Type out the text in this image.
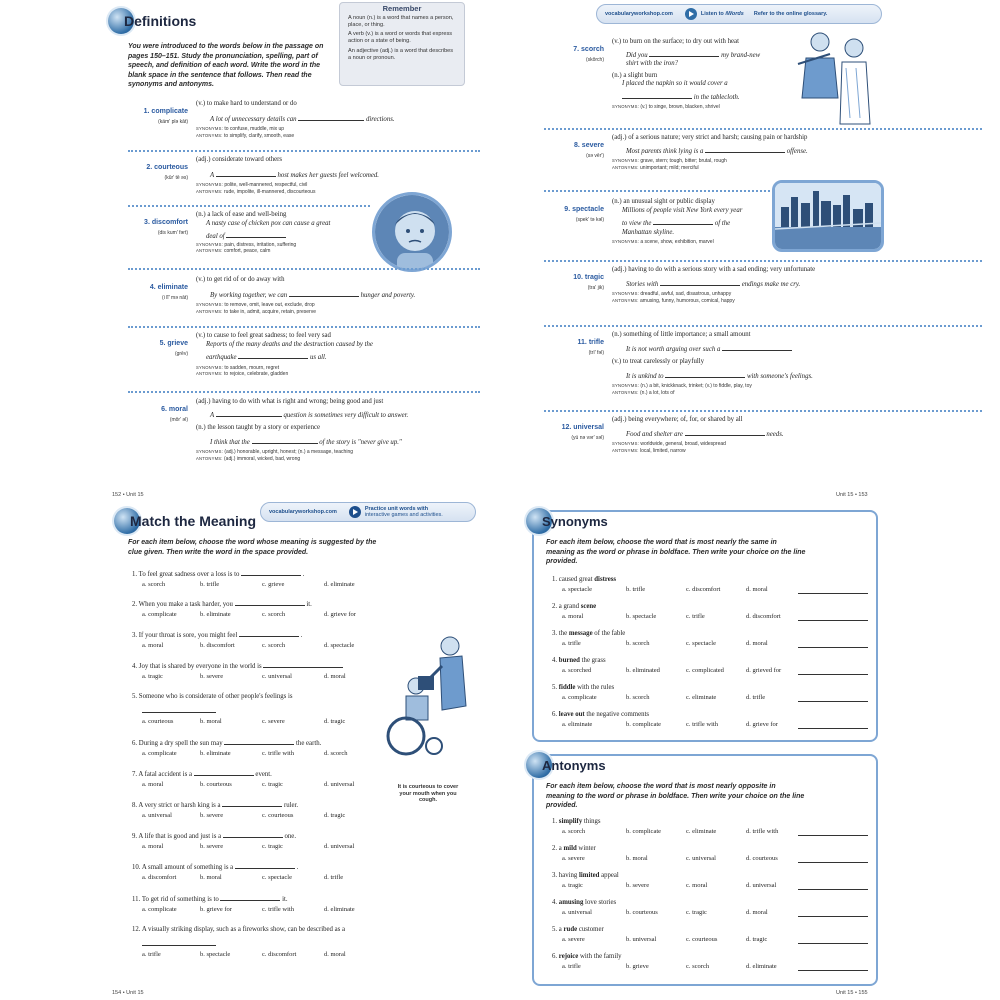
Definitions
You were introduced to the words below in the passage on pages 150–151. Study the pronunciation, spelling, part of speech, and definition of each word. Write the word in the blank space in the sentence that follows. Then read the synonyms and antonyms.
Remember

A noun (n.) is a word that names a person, place, or thing.

A verb (v.) is a word or words that express action or a state of being.

An adjective (adj.) is a word that describes a noun or pronoun.

1. complicate
(käm' plə kāt)
(v.) to make hard to understand or do
A lot of unnecessary details can	directions.
SYNONYMS: to confuse, muddle, mix up
ANTONYMS: to simplify, clarify, smooth, ease
2. courteous
(kûr' tē əs)
(adj.) considerate toward others
A	host makes her guests feel welcomed.
SYNONYMS: polite, well-mannered, respectful, civil
ANTONYMS: rude, impolite, ill-mannered, discourteous
3. discomfort
(dis kum' fərt)
(n.) a lack of ease and well-being
A nasty case of chicken pox can cause a great
deal of
SYNONYMS: pain, distress, irritation, suffering
ANTONYMS: comfort, peace, calm
4. eliminate
(i lĭ' mə nāt)
(v.) to get rid of or do away with
By working together, we can	hunger and poverty.
SYNONYMS: to remove, omit, leave out, exclude, drop
ANTONYMS: to take in, admit, acquire, retain, preserve
5. grieve
(grēv)
(v.) to cause to feel great sadness; to feel very sad
Reports of the many deaths and the destruction caused by the
earthquake	us all.
SYNONYMS: to sadden, mourn, regret
ANTONYMS: to rejoice, celebrate, gladden
6. moral
(môr' əl)
(adj.) having to do with what is right and wrong; being good and just
A	question is sometimes very difficult to answer.
(n.) the lesson taught by a story or experience
I think that the	of the story is "never give up."
SYNONYMS: (adj.) honorable, upright, honest; (n.) a message, teaching
ANTONYMS: (adj.) immoral, wicked, bad, wrong
152 • Unit 15
vocabularyworkshop.com	Listen to
iWords Refer to the online glossary.
7. scorch
(skôrch)
(v.) to burn on the surface; to dry out with heat
Did you	my brand-new
shirt with the iron?
(n.) a slight burn
I placed the napkin so it would cover a
in the tablecloth.
SYNONYMS: (v.) to singe, brown, blacken, shrivel
8. severe
(sə vēr')
(adj.) of a serious nature; very strict and harsh; causing pain or hardship
Most parents think lying is a	offense.
SYNONYMS: grave, stern; tough, bitter; brutal, rough
ANTONYMS: unimportant; mild; merciful
9. spectacle
(spek' tə kəl)
(n.) an unusual sight or public display
Millions of people visit New York every year
to view the	of the
Manhattan skyline.
SYNONYMS: a scene, show, exhibition, marvel
10. tragic
(tra' jik)
(adj.) having to do with a serious story with a sad ending; very unfortunate
Stories with	endings make me cry.
SYNONYMS: dreadful, awful, sad, disastrous, unhappy
ANTONYMS: amusing, funny, humorous, comical, happy
11. trifle
(trī' fəl)
(n.) something of little importance; a small amount
It is not worth arguing over such a
(v.) to treat carelessly or playfully
It is unkind to	with someone's feelings.
SYNONYMS: (n.) a bit, knickknack, trinket; (v.) to fiddle, play, toy
ANTONYMS: (n.) a lot, lots of
12. universal
(yü nə vər' səl)
(adj.) being everywhere; of, for, or shared by all
Food and shelter are	needs.
SYNONYMS: worldwide, general, broad, widespread
ANTONYMS: local, limited, narrow
Unit 15 • 153
Match the Meaning
vocabularyworkshop.com	Practice unit words with
interactive games and activities.
For each item below, choose the word whose meaning is suggested by the clue given. Then write the word in the space provided.
1. To feel great sadness over a loss is to	.
a. scorch	b. trifle	c. grieve	d. eliminate
2. When you make a task harder, you	it.
a. complicate	b. eliminate	c. scorch	d. grieve for
3. If your throat is sore, you might feel	.
a. moral	b. discomfort	c. scorch	d. spectacle
4. Joy that is shared by everyone in the world is
a. tragic	b. severe	c. universal	d. moral
5. Someone who is considerate of other people's feelings is
a. courteous	b. moral	c. severe	d. tragic
6. During a dry spell the sun may	the earth.
a. complicate	b. eliminate	c. trifle with	d. scorch
7. A fatal accident is a	event.
a. moral	b. courteous	c. tragic	d. universal
8. A very strict or harsh king is a	ruler.
a. universal	b. severe	c. courteous	d. tragic
9. A life that is good and just is a	one.
a. moral	b. severe	c. tragic	d. universal
10. A small amount of something is a	.
a. discomfort	b. moral	c. spectacle	d. trifle
11. To get rid of something is to	it.
a. complicate	b. grieve for	c. trifle with	d. eliminate
12. A visually striking display, such as a fireworks show, can be described as a
a. trifle	b. spectacle	c. discomfort	d. moral
It is courteous to cover your mouth when you cough.
154 • Unit 15
Synonyms
For each item below, choose the word that is most nearly the same in meaning as the word or phrase in boldface. Then write your choice on the line provided.
1. caused great distress
a. spectacle	b. trifle	c. discomfort	d. moral
2. a grand scene
a. moral	b. spectacle	c. trifle	d. discomfort
3. the message of the fable
a. trifle	b. scorch	c. spectacle	d. moral
4. burned the grass
a. scorched	b. eliminated	c. complicated	d. grieved for
5. fiddle with the rules
a. complicate	b. scorch	c. eliminate	d. trifle
6. leave out the negative comments
a. eliminate	b. complicate	c. trifle with	d. grieve for
Antonyms
For each item below, choose the word that is most nearly opposite in meaning to the word or phrase in boldface. Then write your choice on the line provided.
1. simplify things
a. scorch	b. complicate	c. eliminate	d. trifle with
2. a mild winter
a. severe	b. moral	c. universal	d. courteous
3. having limited appeal
a. tragic	b. severe	c. moral	d. universal
4. amusing love stories
a. universal	b. courteous	c. tragic	d. moral
5. a rude customer
a. severe	b. universal	c. courteous	d. tragic
6. rejoice with the family
a. trifle	b. grieve	c. scorch	d. eliminate
Unit 15 • 155
